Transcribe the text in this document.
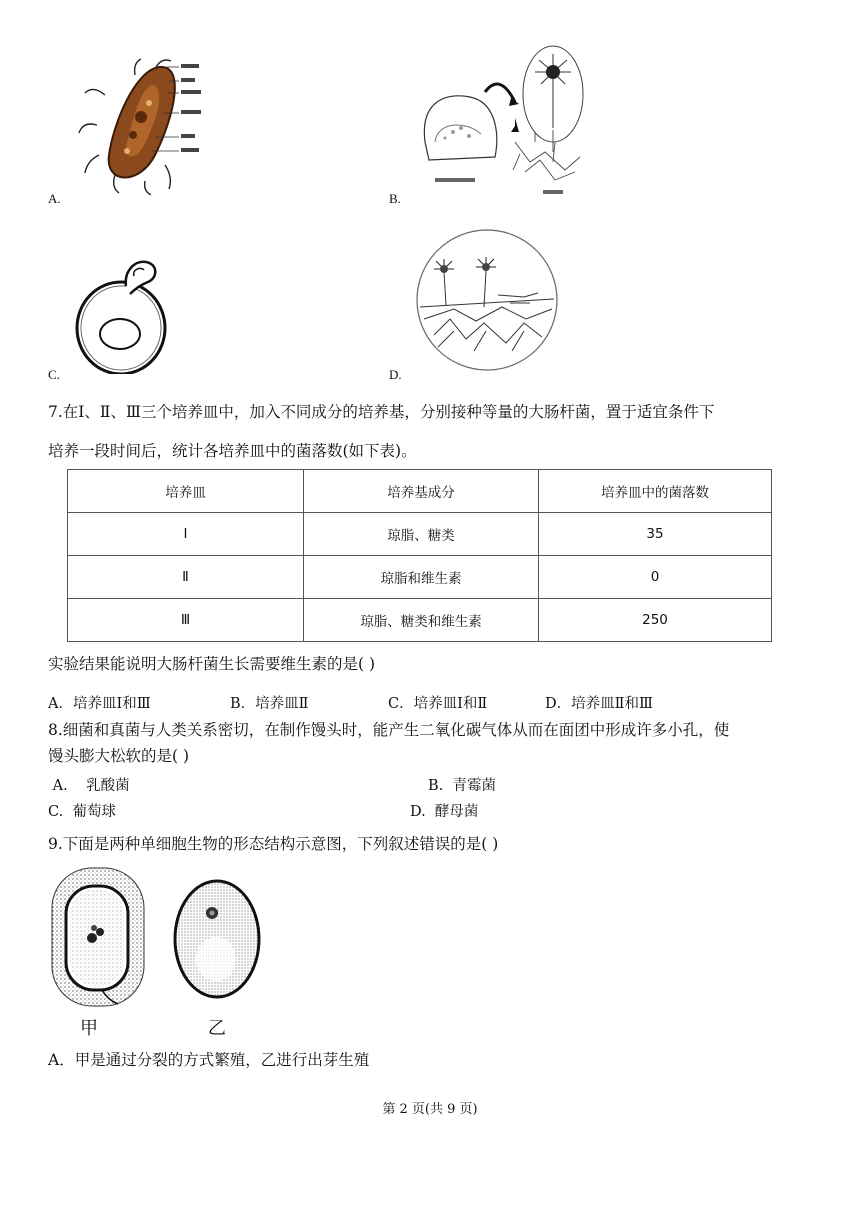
A.	B.
C.	D.
7.在Ⅰ、Ⅱ、Ⅲ三个培养皿中，加入不同成分的培养基，分别接种等量的大肠杆菌，置于适宜条件下
培养一段时间后，统计各培养皿中的菌落数(如下表)。
培养皿	培养基成分	培养皿中的菌落数
Ⅰ	琼脂、糖类	35
Ⅱ	琼脂和维生素	0
Ⅲ	琼脂、糖类和维生素	250
实验结果能说明大肠杆菌生长需要维生素的是( )
A．培养皿Ⅰ和Ⅲ	B．培养皿Ⅱ	C．培养皿Ⅰ和Ⅱ	D．培养皿Ⅱ和Ⅲ
8.细菌和真菌与人类关系密切，在制作馒头时，能产生二氧化碳气体从而在面团中形成许多小孔，使
馒头膨大松软的是( )
A.    乳酸菌	B.  青霉菌
C.  葡萄球	D.  酵母菌
9.下面是两种单细胞生物的形态结构示意图，下列叙述错误的是( )
甲	乙
A．甲是通过分裂的方式繁殖，乙进行出芽生殖
第 2 页(共 9 页)
